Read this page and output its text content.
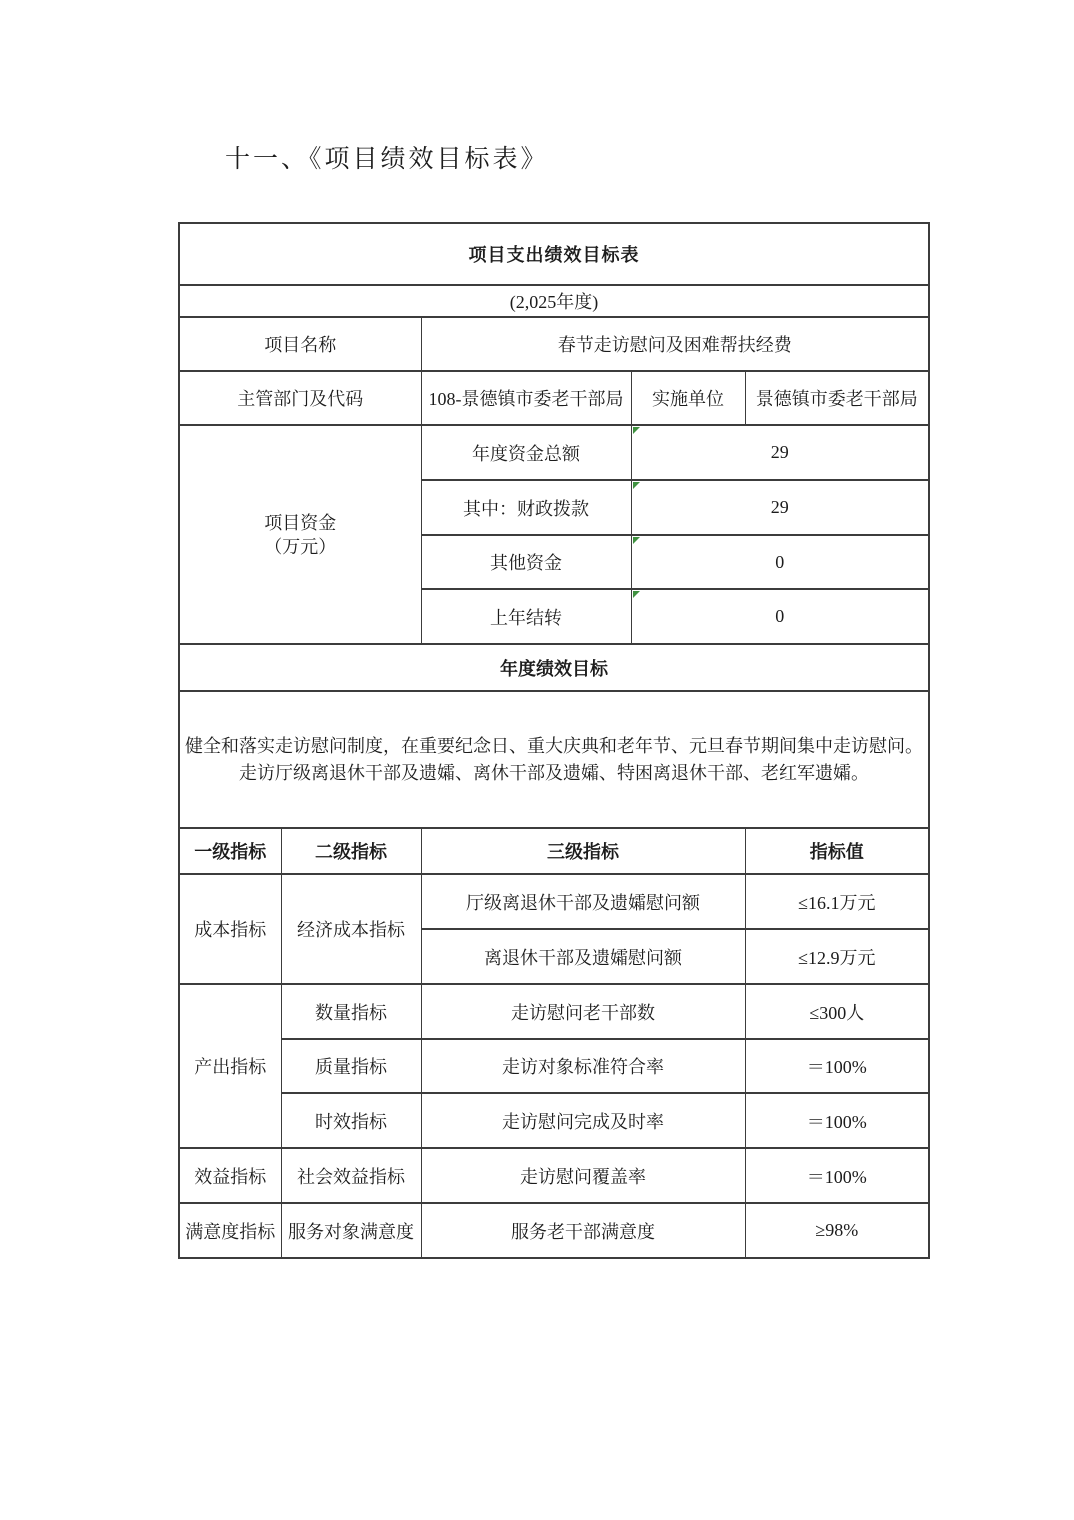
十一、《项目绩效目标表》
项目支出绩效目标表				
(2,025年度)				
项目名称		春节走访慰问及困难帮扶经费		
主管部门及代码		108-景德镇市委老干部局	实施单位	景德镇市委老干部局

项目资金
（万元）		年度资金总额	29	
		其中：财政拨款	29	
		其他资金	0	
		上年结转	0	
年度绩效目标				

健全和落实走访慰问制度，在重要纪念日、重大庆典和老年节、元旦春节期间集中走访慰问。
走访厅级离退休干部及遗孀、离休干部及遗孀、特困离退休干部、老红军遗孀。				

一级指标	二级指标	三级指标		指标值
成本指标	经济成本指标	厅级离退休干部及遗孀慰问额		≤16.1万元
		离退休干部及遗孀慰问额		≤12.9万元
产出指标	数量指标	走访慰问老干部数		≤300人
	质量指标	走访对象标准符合率		＝100%
	时效指标	走访慰问完成及时率		＝100%
效益指标	社会效益指标	走访慰问覆盖率		＝100%
满意度指标	服务对象满意度	服务老干部满意度		≥98%
